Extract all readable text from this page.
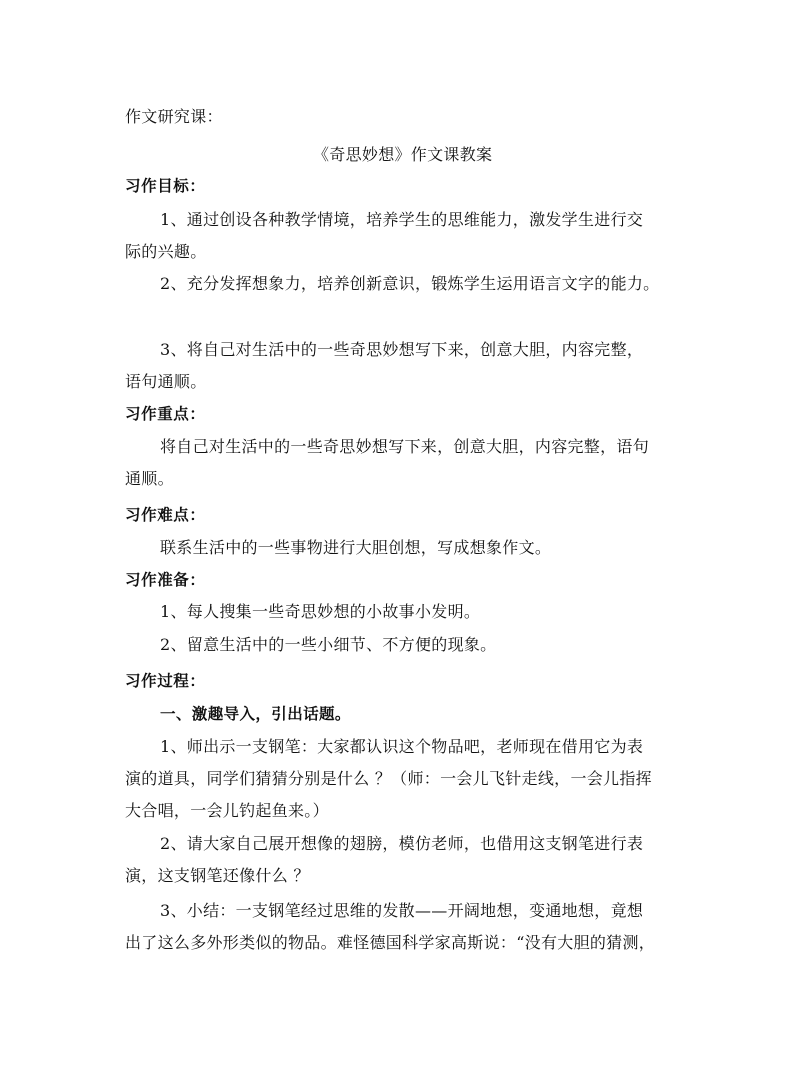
作文研究课：
《奇思妙想》作文课教案
习作目标：
1、通过创设各种教学情境，培养学生的思维能力，激发学生进行交
际的兴趣。
2、充分发挥想象力，培养创新意识，锻炼学生运用语言文字的能力。
3、将自己对生活中的一些奇思妙想写下来，创意大胆，内容完整，
语句通顺。
习作重点：
将自己对生活中的一些奇思妙想写下来，创意大胆，内容完整，语句
通顺。
习作难点：
联系生活中的一些事物进行大胆创想，写成想象作文。
习作准备：
1、每人搜集一些奇思妙想的小故事小发明。
2、留意生活中的一些小细节、不方便的现象。
习作过程：
一、激趣导入，引出话题。
1、师出示一支钢笔：大家都认识这个物品吧，老师现在借用它为表
演的道具，同学们猜猜分别是什么 ？（师：一会儿飞针走线，一会儿指挥
大合唱，一会儿钓起鱼来。）
2、请大家自己展开想像的翅膀，模仿老师，也借用这支钢笔进行表
演，这支钢笔还像什么 ？
3、小结：一支钢笔经过思维的发散——开阔地想，变通地想，竟想
出了这么多外形类似的物品。难怪德国科学家高斯说：“没有大胆的猜测，
